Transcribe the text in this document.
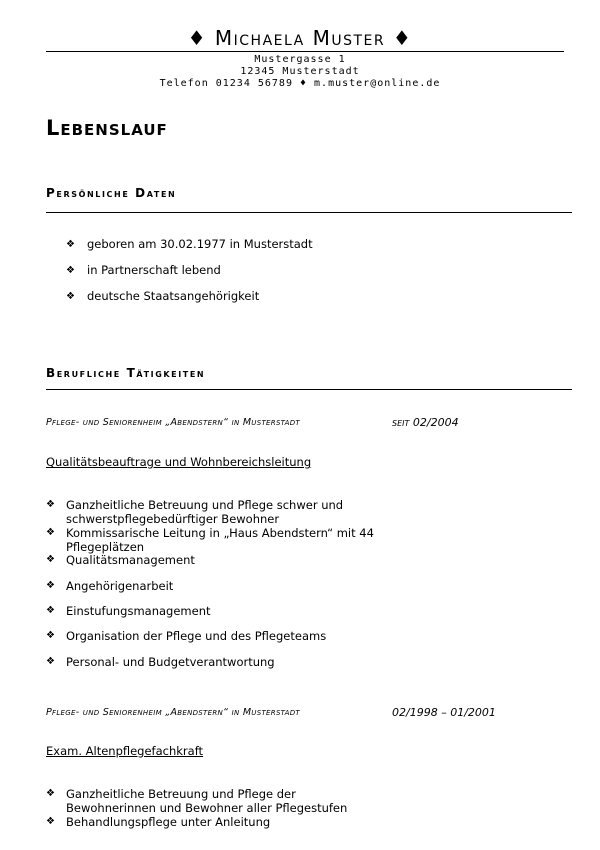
♦ Michaela Muster ♦
Mustergasse 1
12345 Musterstadt
Telefon 01234 56789 ♦ m.muster@online.de
Lebenslauf
Persönliche Daten
❖ geboren am 30.02.1977 in Musterstadt
❖ in Partnerschaft lebend
❖ deutsche Staatsangehörigkeit
Berufliche Tätigkeiten
Pflege- und Seniorenheim „Abendstern“ in Musterstadt	seit 02/2004
Qualitätsbeauftrage und Wohnbereichsleitung
❖ Ganzheitliche Betreuung und Pflege schwer und schwerstpflegebedürftiger Bewohner
❖ Kommissarische Leitung in „Haus Abendstern“ mit 44 Pflegeplätzen
❖ Qualitätsmanagement
❖ Angehörigenarbeit
❖ Einstufungsmanagement
❖ Organisation der Pflege und des Pflegeteams
❖ Personal- und Budgetverantwortung
Pflege- und Seniorenheim „Abendstern“ in Musterstadt	02/1998 – 01/2001
Exam. Altenpflegefachkraft
❖ Ganzheitliche Betreuung und Pflege der Bewohnerinnen und Bewohner aller Pflegestufen
❖ Behandlungspflege unter Anleitung
